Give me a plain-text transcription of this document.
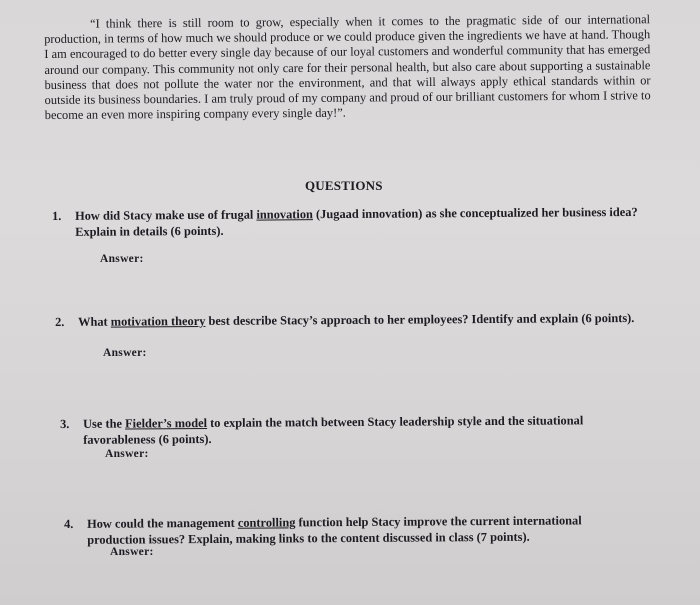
“I think there is still room to grow, especially when it comes to the pragmatic side of our international production, in terms of how much we should produce or we could produce given the ingredients we have at hand. Though I am encouraged to do better every single day because of our loyal customers and wonderful community that has emerged around our company. This community not only care for their personal health, but also care about supporting a sustainable business that does not pollute the water nor the environment, and that will always apply ethical standards within or outside its business boundaries. I am truly proud of my company and proud of our brilliant customers for whom I strive to become an even more inspiring company every single day!”.

QUESTIONS
1. How did Stacy make use of frugal innovation (Jugaad innovation) as she conceptualized her business idea? Explain in details (6 points).
Answer:
2. What motivation theory best describe Stacy’s approach to her employees? Identify and explain (6 points).
Answer:
3. Use the Fielder’s model to explain the match between Stacy leadership style and the situational favorableness (6 points).
Answer:
4. How could the management controlling function help Stacy improve the current international production issues? Explain, making links to the content discussed in class (7 points).
Answer:
